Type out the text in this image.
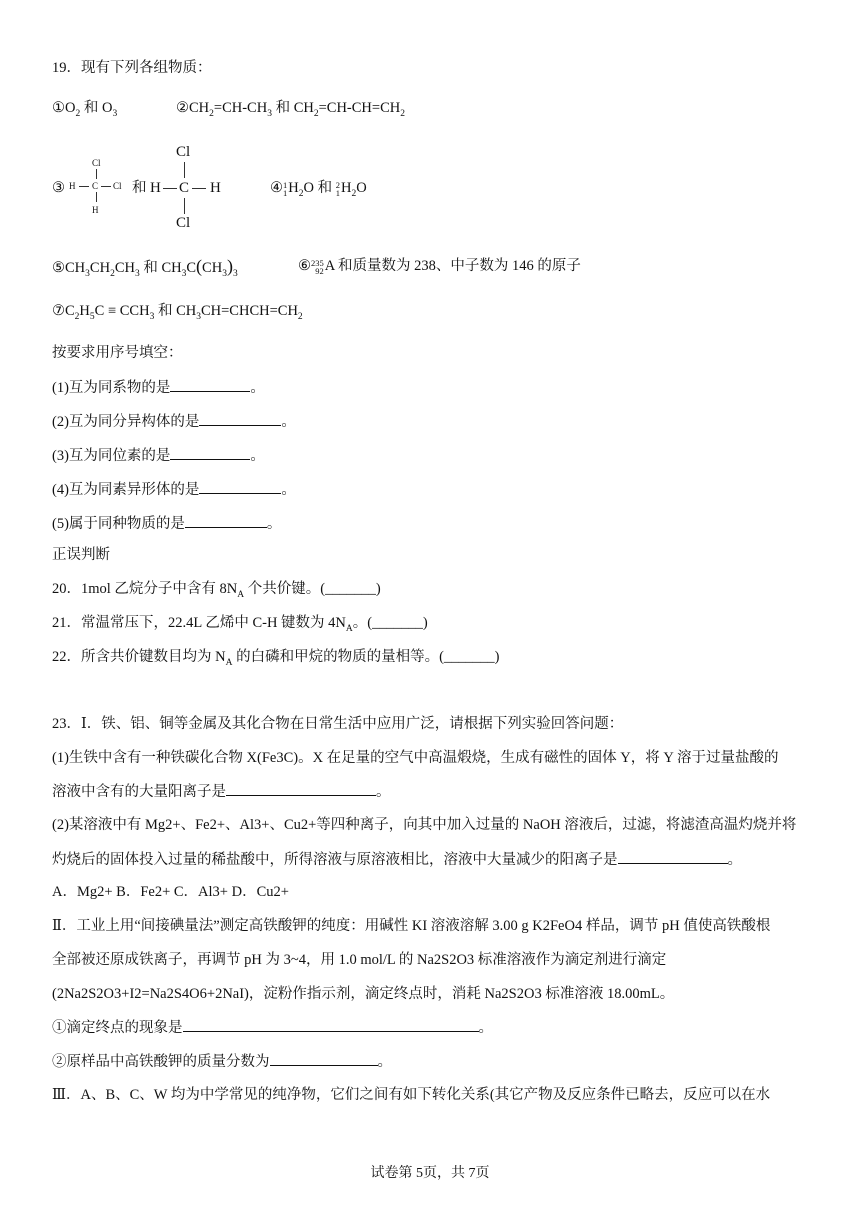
19．现有下列各组物质：
$①O_2$ 和 $O_3$	$②CH_2=CH-CH_3$ 和 $CH_2=CH-CH=CH_2$
③
Cl
H C Cl
H
和
Cl
H C H
Cl
④ 1
1 $H_2O$ 和 2
1 $H_2O$
$⑤CH_3CH_2CH_3$ 和 $CH_3C(CH_3)_3$	⑥ 235
92 A 和质量数为 238、中子数为 146 的原子
$⑦C_2H_5C \equiv CCH_3$ 和 $CH_3CH=CHCH=CH_2$
按要求用序号填空：
(1)互为同系物的是	。
(2)互为同分异构体的是	。
(3)互为同位素的是	。
(4)互为同素异形体的是	。
(5)属于同种物质的是	。
正误判断
20．1mol 乙烷分子中含有 $8N_A$ 个共价键。(_______)
21．常温常压下，22.4L 乙烯中 C-H 键数为 $4N_A$。(_______)
22．所含共价键数目均为 $N_A$ 的白磷和甲烷的物质的量相等。(_______)
23．Ⅰ．铁、铝、铜等金属及其化合物在日常生活中应用广泛，请根据下列实验回答问题：
(1)生铁中含有一种铁碳化合物 X(Fe3C)。X 在足量的空气中高温煅烧，生成有磁性的固体 Y，将 Y 溶于过量盐酸的
溶液中含有的大量阳离子是	。
(2)某溶液中有 Mg2+、Fe2+、Al3+、Cu2+等四种离子，向其中加入过量的 NaOH 溶液后，过滤，将滤渣高温灼烧并将
灼烧后的固体投入过量的稀盐酸中，所得溶液与原溶液相比，溶液中大量减少的阳离子是	。
A．Mg2+ B．Fe2+ C．Al3+ D．Cu2+
Ⅱ．工业上用“间接碘量法”测定高铁酸钾的纯度：用碱性 KI 溶液溶解 3.00 g K2FeO4 样品，调节 pH 值使高铁酸根
全部被还原成铁离子，再调节 pH 为 3~4，用 1.0 mol/L 的 Na2S2O3 标准溶液作为滴定剂进行滴定
(2Na2S2O3+I2=Na2S4O6+2NaI)，淀粉作指示剂，滴定终点时，消耗 Na2S2O3 标准溶液 18.00mL。
①滴定终点的现象是	。
②原样品中高铁酸钾的质量分数为	。
Ⅲ．A、B、C、W 均为中学常见的纯净物，它们之间有如下转化关系(其它产物及反应条件已略去，反应可以在水
试卷第 5页，共 7页
